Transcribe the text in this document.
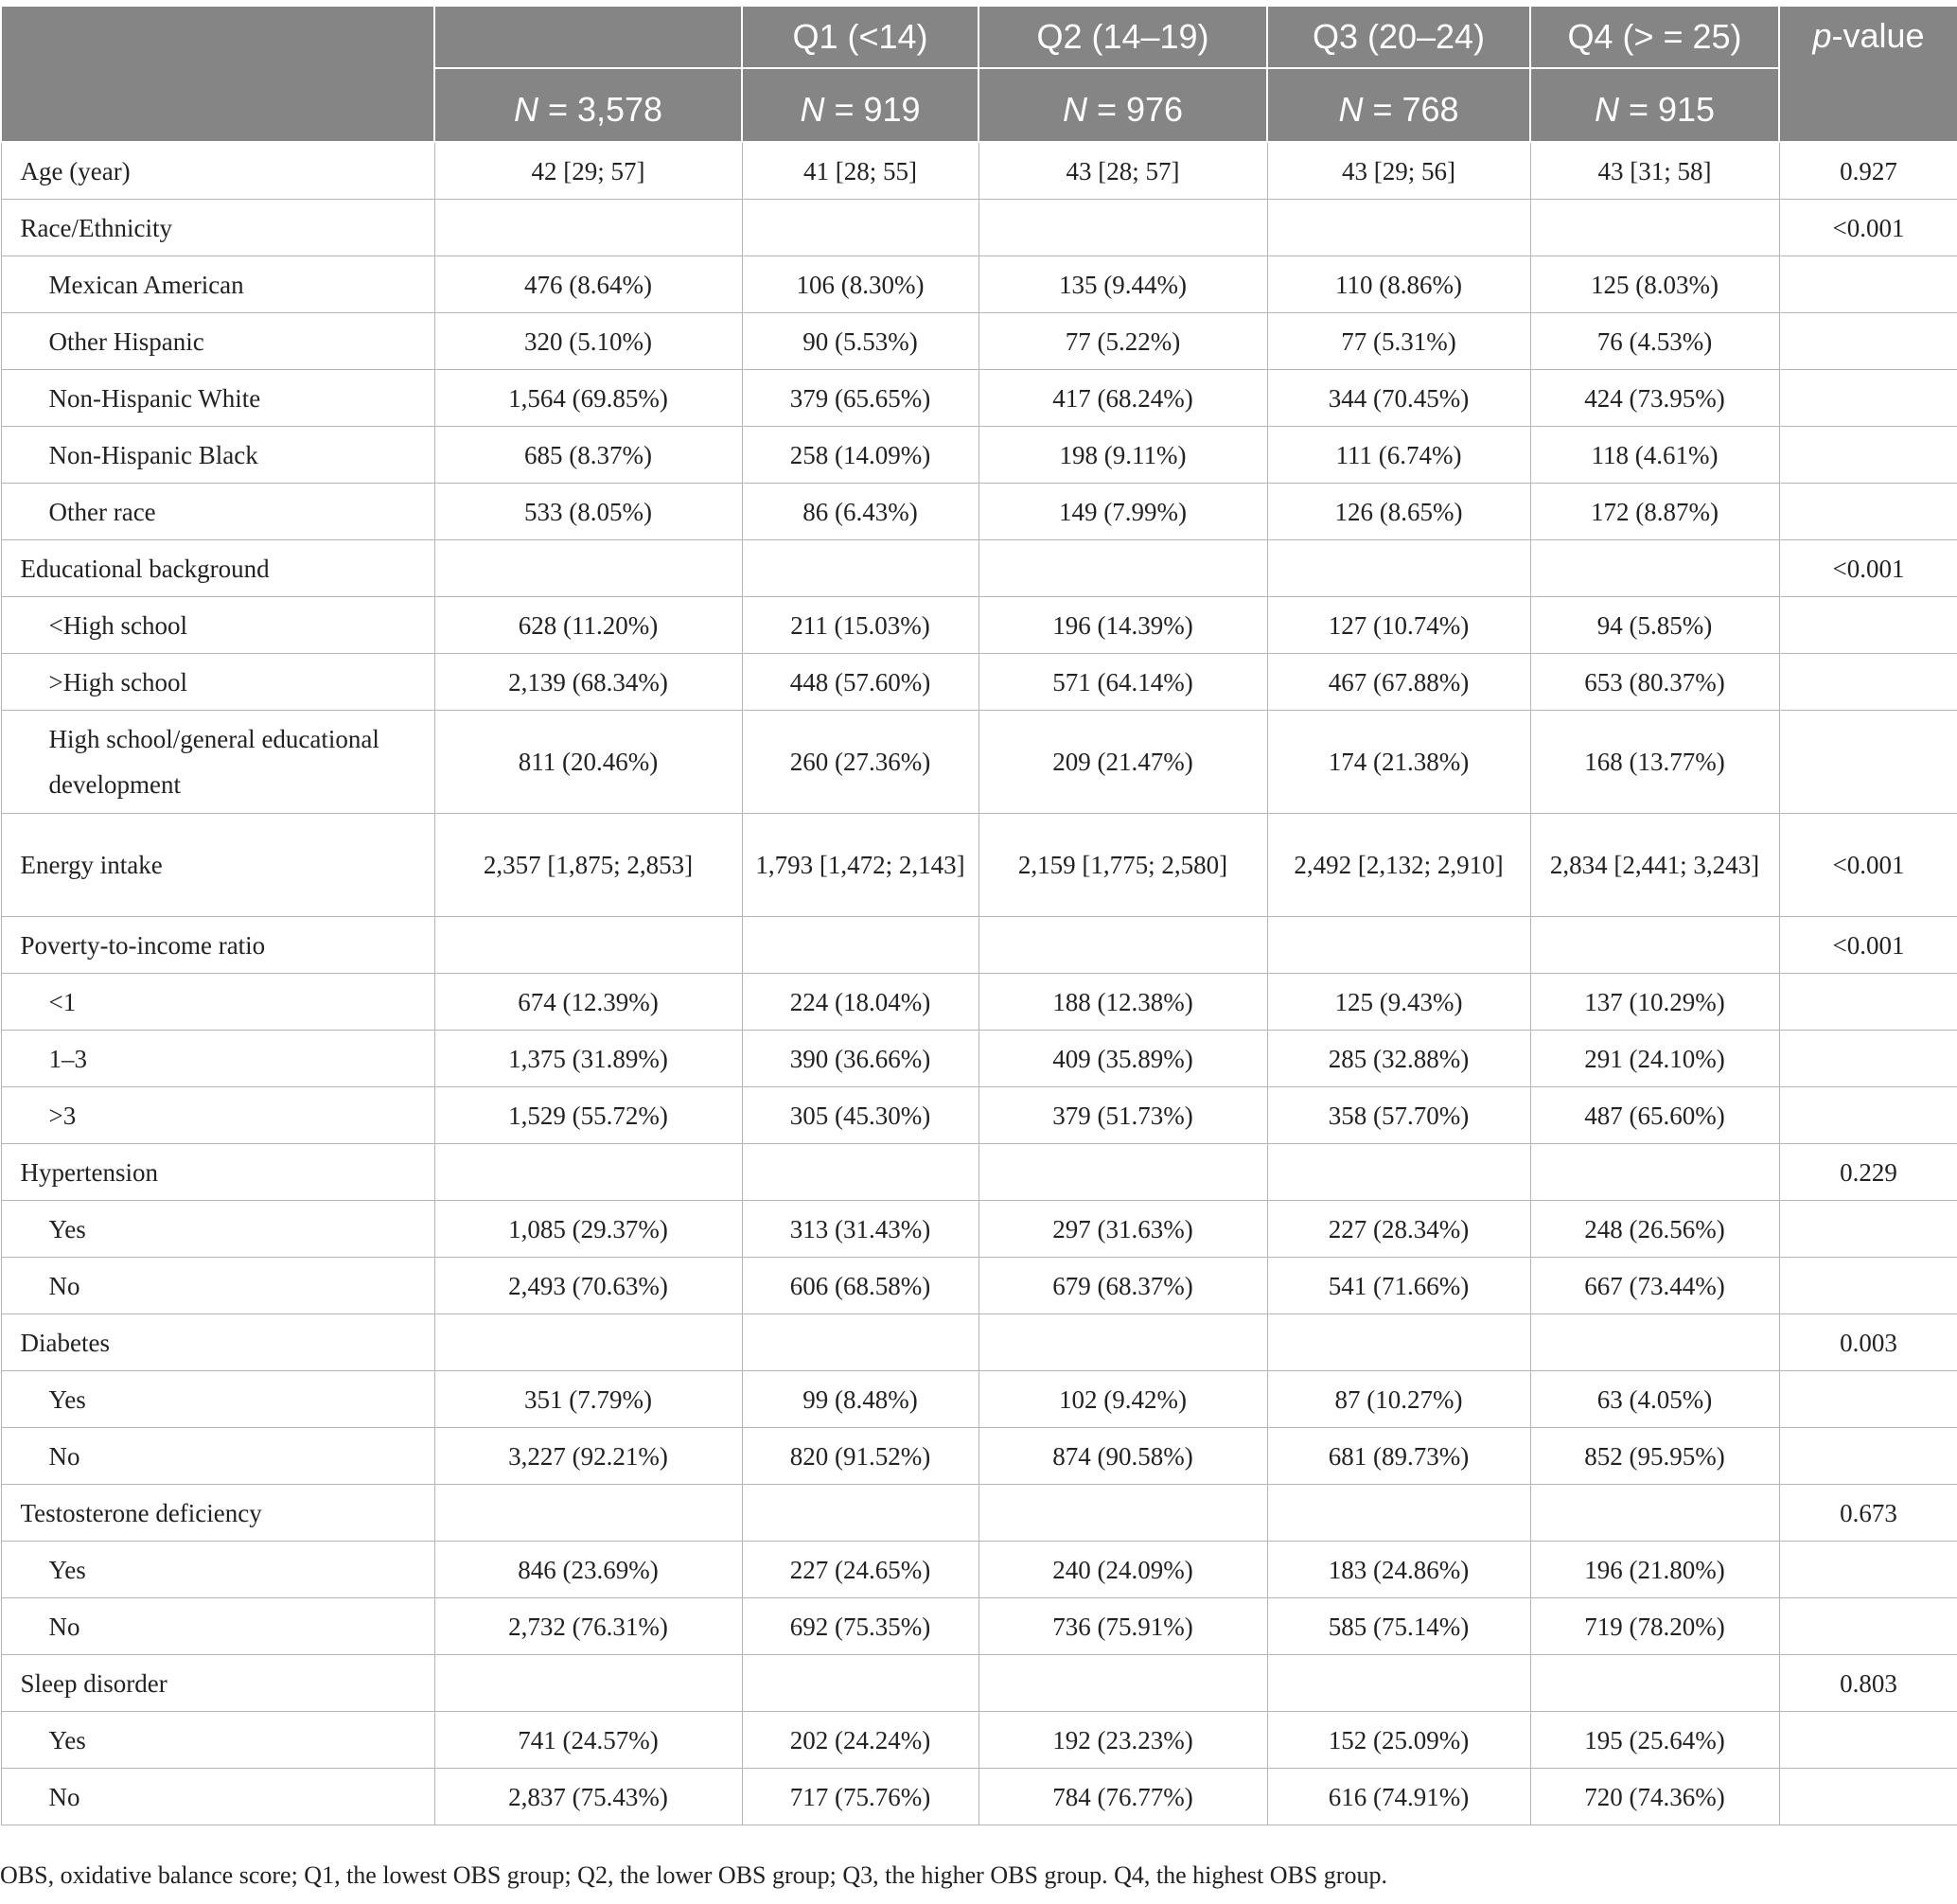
		Q1 (<14)	Q2 (14–19)	Q3 (20–24)	Q4 (> = 25)	p-value
	N = 3,578	N = 919	N = 976	N = 768	N = 915	
Age (year)	42 [29; 57]	41 [28; 55]	43 [28; 57]	43 [29; 56]	43 [31; 58]	0.927
Race/Ethnicity						<0.001
Mexican American	476 (8.64%)	106 (8.30%)	135 (9.44%)	110 (8.86%)	125 (8.03%)	
Other Hispanic	320 (5.10%)	90 (5.53%)	77 (5.22%)	77 (5.31%)	76 (4.53%)	
Non-Hispanic White	1,564 (69.85%)	379 (65.65%)	417 (68.24%)	344 (70.45%)	424 (73.95%)	
Non-Hispanic Black	685 (8.37%)	258 (14.09%)	198 (9.11%)	111 (6.74%)	118 (4.61%)	
Other race	533 (8.05%)	86 (6.43%)	149 (7.99%)	126 (8.65%)	172 (8.87%)	
Educational background						<0.001
<High school	628 (11.20%)	211 (15.03%)	196 (14.39%)	127 (10.74%)	94 (5.85%)	
>High school	2,139 (68.34%)	448 (57.60%)	571 (64.14%)	467 (67.88%)	653 (80.37%)	
High school/general educational development	811 (20.46%)	260 (27.36%)	209 (21.47%)	174 (21.38%)	168 (13.77%)	
Energy intake	2,357 [1,875; 2,853]	1,793 [1,472; 2,143]	2,159 [1,775; 2,580]	2,492 [2,132; 2,910]	2,834 [2,441; 3,243]	<0.001
Poverty-to-income ratio						<0.001
<1	674 (12.39%)	224 (18.04%)	188 (12.38%)	125 (9.43%)	137 (10.29%)	
1–3	1,375 (31.89%)	390 (36.66%)	409 (35.89%)	285 (32.88%)	291 (24.10%)	
>3	1,529 (55.72%)	305 (45.30%)	379 (51.73%)	358 (57.70%)	487 (65.60%)	
Hypertension						0.229
Yes	1,085 (29.37%)	313 (31.43%)	297 (31.63%)	227 (28.34%)	248 (26.56%)	
No	2,493 (70.63%)	606 (68.58%)	679 (68.37%)	541 (71.66%)	667 (73.44%)	
Diabetes						0.003
Yes	351 (7.79%)	99 (8.48%)	102 (9.42%)	87 (10.27%)	63 (4.05%)	
No	3,227 (92.21%)	820 (91.52%)	874 (90.58%)	681 (89.73%)	852 (95.95%)	
Testosterone deficiency						0.673
Yes	846 (23.69%)	227 (24.65%)	240 (24.09%)	183 (24.86%)	196 (21.80%)	
No	2,732 (76.31%)	692 (75.35%)	736 (75.91%)	585 (75.14%)	719 (78.20%)	
Sleep disorder						0.803
Yes	741 (24.57%)	202 (24.24%)	192 (23.23%)	152 (25.09%)	195 (25.64%)	
No	2,837 (75.43%)	717 (75.76%)	784 (76.77%)	616 (74.91%)	720 (74.36%)	
OBS, oxidative balance score; Q1, the lowest OBS group; Q2, the lower OBS group; Q3, the higher OBS group. Q4, the highest OBS group.
